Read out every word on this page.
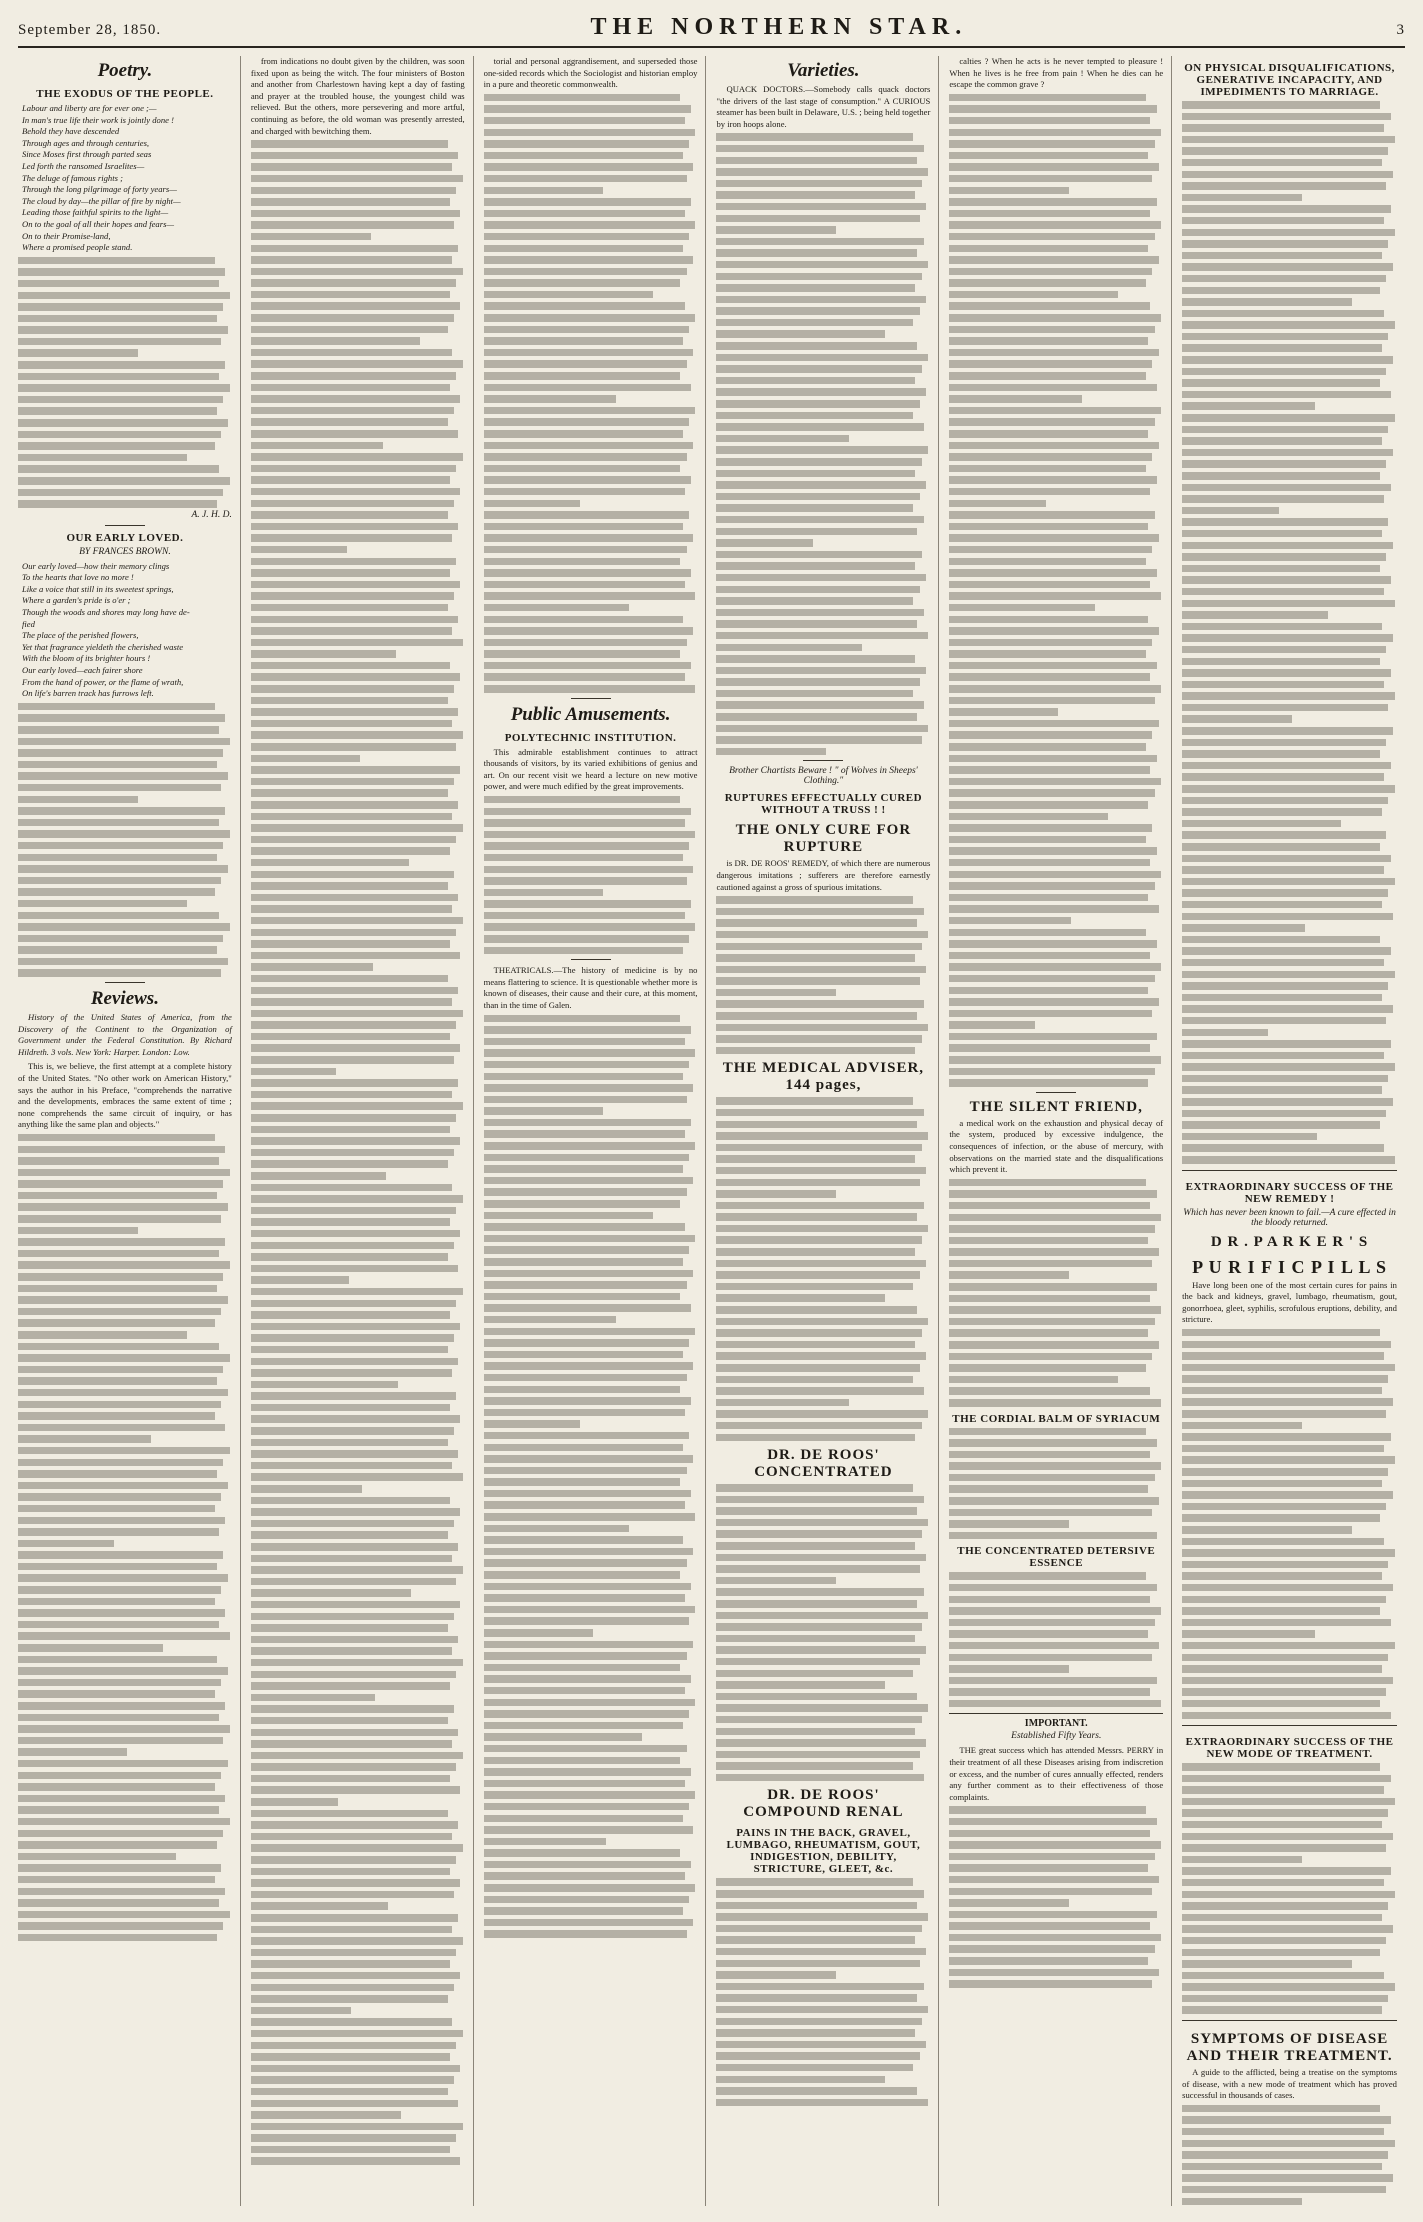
September 28, 1850.	THE NORTHERN STAR.	3
Poetry.
THE EXODUS OF THE PEOPLE.
Labour and liberty are for ever one ;—
In man's true life their work is jointly done !
Behold they have descended
Through ages and through centuries,
Since Moses first through parted seas
Led forth the ransomed Israelites—
The deluge of famous rights ;
Through the long pilgrimage of forty years—
The cloud by day—the pillar of fire by night—
Leading those faithful spirits to the light—
On to the goal of all their hopes and fears—
On to their Promise-land,
Where a promised people stand.
A. J. H. D.
OUR EARLY LOVED.
BY FRANCES BROWN.
Our early loved—how their memory clings
To the hearts that love no more !
Like a voice that still in its sweetest springs,
Where a garden's pride is o'er ;
Though the woods and shores may long have de-
fied
The place of the perished flowers,
Yet that fragrance yieldeth the cherished waste
With the bloom of its brighter hours !
Our early loved—each fairer shore
From the hand of power, or the flame of wrath,
On life's barren track has furrows left.
Reviews.
History of the United States of America, from the Discovery of the Continent to the Organization of Government under the Federal Constitution. By Richard Hildreth. 3 vols. New York: Harper. London: Low.
This is, we believe, the first attempt at a complete history of the United States. "No other work on American History," says the author in his Preface, "comprehends the narrative and the developments, embraces the same extent of time ; none comprehends the same circuit of inquiry, or has anything like the same plan and objects."
from indications no doubt given by the children, was soon fixed upon as being the witch. The four ministers of Boston and another from Charlestown having kept a day of fasting and prayer at the troubled house, the youngest child was relieved. But the others, more persevering and more artful, continuing as before, the old woman was presently arrested, and charged with bewitching them.
torial and personal aggrandisement, and superseded those one-sided records which the Sociologist and historian employ in a pure and theoretic commonwealth.
Public Amusements.
POLYTECHNIC INSTITUTION.
This admirable establishment continues to attract thousands of visitors, by its varied exhibitions of genius and art. On our recent visit we heard a lecture on new motive power, and were much edified by the great improvements.
THEATRICALS.—The history of medicine is by no means flattering to science. It is questionable whether more is known of diseases, their cause and their cure, at this moment, than in the time of Galen.
Varieties.
QUACK DOCTORS.—Somebody calls quack doctors "the drivers of the last stage of consumption." A CURIOUS steamer has been built in Delaware, U.S. ; being held together by iron hoops alone.
Brother Chartists Beware ! " of Wolves in Sheeps' Clothing."
RUPTURES EFFECTUALLY CURED WITHOUT A TRUSS ! !
THE ONLY CURE FOR RUPTURE
is DR. DE ROOS' REMEDY, of which there are numerous dangerous imitations ; sufferers are therefore earnestly cautioned against a gross of spurious imitations.
THE MEDICAL ADVISER, 144 pages,
DR. DE ROOS' CONCENTRATED
DR. DE ROOS' COMPOUND RENAL
PAINS IN THE BACK, GRAVEL, LUMBAGO, RHEUMATISM, GOUT, INDIGESTION, DEBILITY, STRICTURE, GLEET, &c.
calties ? When he acts is he never tempted to pleasure ! When he lives is he free from pain ! When he dies can he escape the common grave ?
THE SILENT FRIEND,
a medical work on the exhaustion and physical decay of the system, produced by excessive indulgence, the consequences of infection, or the abuse of mercury, with observations on the married state and the disqualifications which prevent it.
THE CORDIAL BALM OF SYRIACUM
THE CONCENTRATED DETERSIVE ESSENCE
IMPORTANT.
Established Fifty Years.
THE great success which has attended Messrs. PERRY in their treatment of all these Diseases arising from indiscretion or excess, and the number of cures annually effected, renders any further comment as to their effectiveness of those complaints.
ON PHYSICAL DISQUALIFICATIONS, GENERATIVE INCAPACITY, AND IMPEDIMENTS TO MARRIAGE.
EXTRAORDINARY SUCCESS OF THE NEW REMEDY !
Which has never been known to fail.—A cure effected in the bloody returned.
D R . P A R K E R ' S
P U R I F I C P I L L S
Have long been one of the most certain cures for pains in the back and kidneys, gravel, lumbago, rheumatism, gout, gonorrhoea, gleet, syphilis, scrofulous eruptions, debility, and stricture.
EXTRAORDINARY SUCCESS OF THE NEW MODE OF TREATMENT.
SYMPTOMS OF DISEASE AND THEIR TREATMENT.
A guide to the afflicted, being a treatise on the symptoms of disease, with a new mode of treatment which has proved successful in thousands of cases.
